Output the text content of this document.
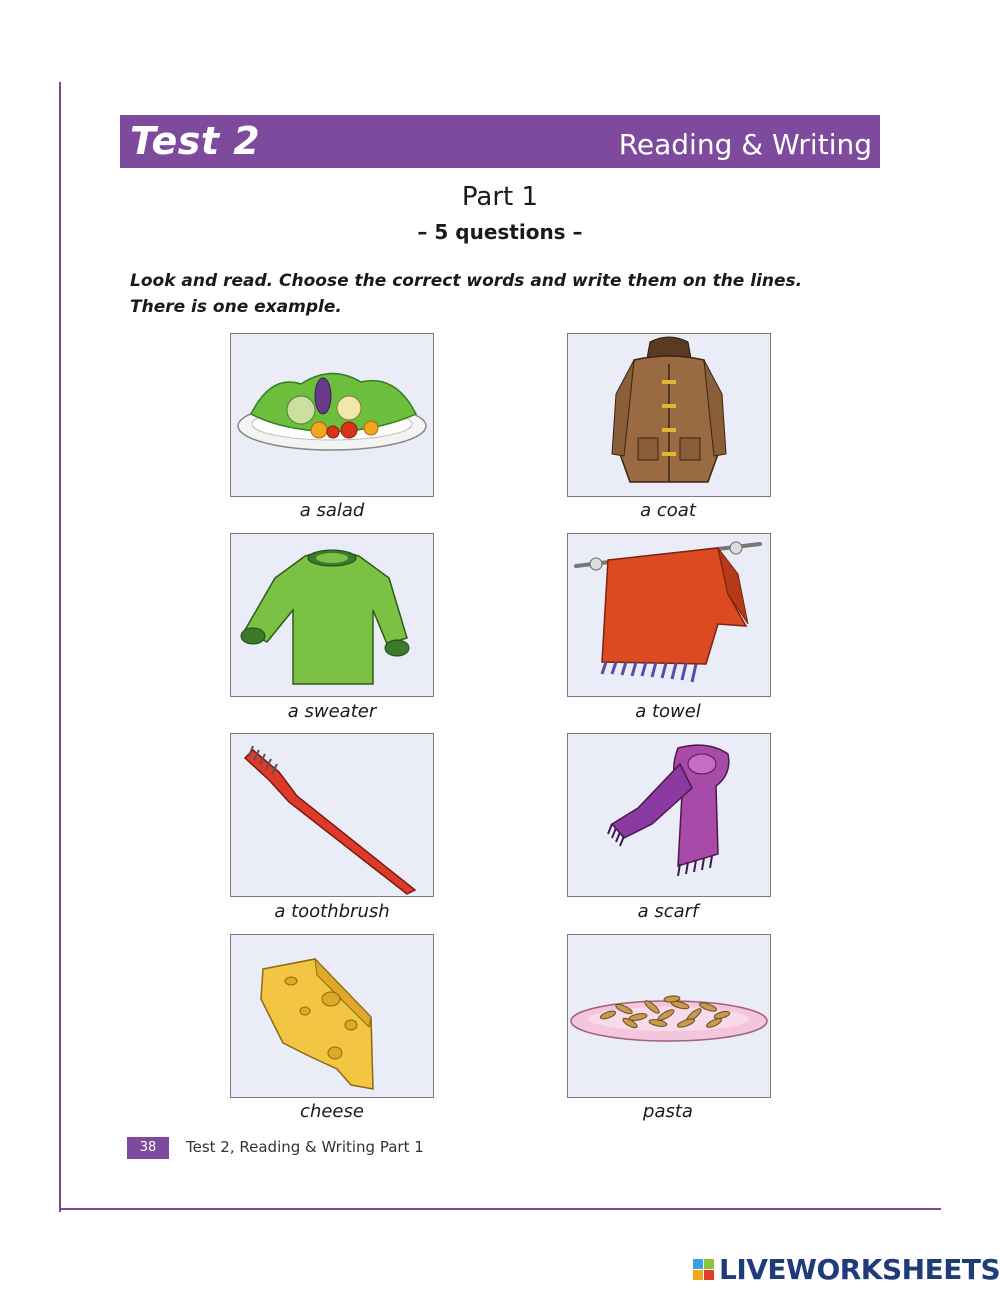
Test 2	Reading & Writing
Part 1
– 5 questions –
Look and read. Choose the correct words and write them on the lines.
There is one example.
a salad	a coat
a sweater	a towel
a toothbrush	a scarf
cheese	pasta
38	Test 2, Reading & Writing Part 1
LIVEWORKSHEETS
